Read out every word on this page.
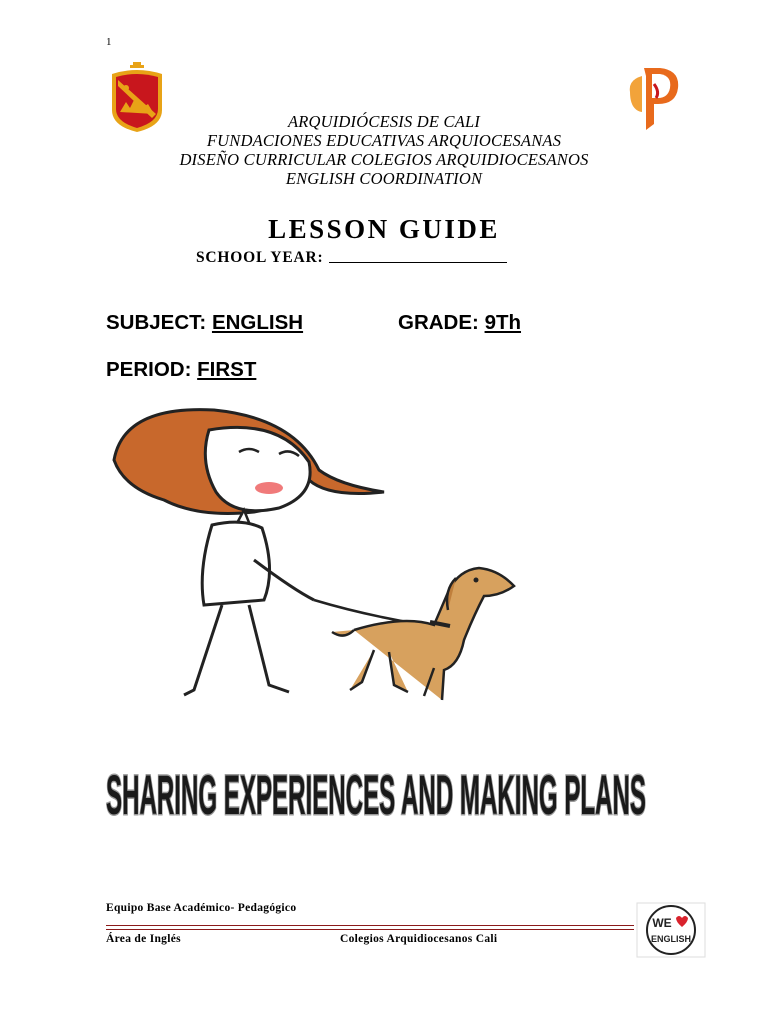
1
ARQUIDIÓCESIS DE CALI
FUNDACIONES EDUCATIVAS ARQUIOCESANAS
DISEÑO CURRICULAR COLEGIOS ARQUIDIOCESANOS
ENGLISH COORDINATION
LESSON GUIDE
SCHOOL YEAR:
SUBJECT: ENGLISH	GRADE: 9Th
PERIOD: FIRST
SHARING EXPERIENCES AND MAKING PLANS
Equipo Base Académico- Pedagógico
Área de Inglés	Colegios Arquidiocesanos Cali
WE
ENGLISH
